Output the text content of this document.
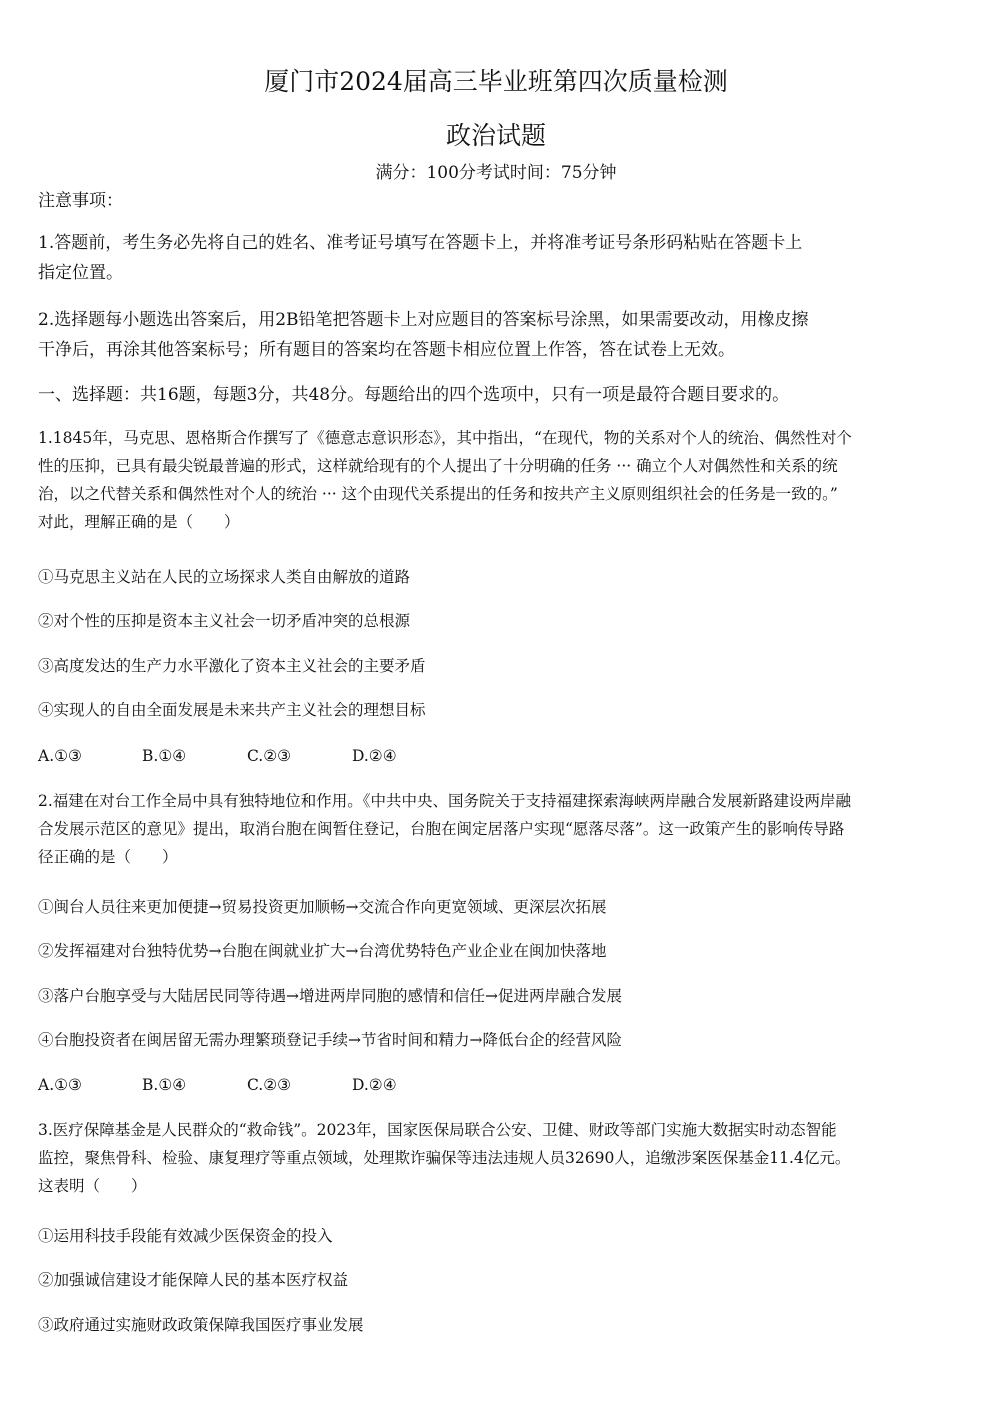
厦门市2024届高三毕业班第四次质量检测
政治试题
满分：100分考试时间：75分钟
注意事项：
1.答题前，考生务必先将自己的姓名、准考证号填写在答题卡上，并将准考证号条形码粘贴在答题卡上
指定位置。
2.选择题每小题选出答案后，用2B铅笔把答题卡上对应题目的答案标号涂黑，如果需要改动，用橡皮擦
干净后，再涂其他答案标号；所有题目的答案均在答题卡相应位置上作答，答在试卷上无效。
一、选择题：共16题，每题3分，共48分。每题给出的四个选项中，只有一项是最符合题目要求的。
1.1845年，马克思、恩格斯合作撰写了《德意志意识形态》，其中指出，“在现代，物的关系对个人的统治、偶然性对个
性的压抑，已具有最尖锐最普遍的形式，这样就给现有的个人提出了十分明确的任务 ··· 确立个人对偶然性和关系的统
治，以之代替关系和偶然性对个人的统治 ··· 这个由现代关系提出的任务和按共产主义原则组织社会的任务是一致的。”
对此，理解正确的是（　　）
①马克思主义站在人民的立场探求人类自由解放的道路
②对个性的压抑是资本主义社会一切矛盾冲突的总根源
③高度发达的生产力水平激化了资本主义社会的主要矛盾
④实现人的自由全面发展是未来共产主义社会的理想目标
A.①③	B.①④	C.②③	D.②④
2.福建在对台工作全局中具有独特地位和作用。《中共中央、国务院关于支持福建探索海峡两岸融合发展新路建设两岸融
合发展示范区的意见》提出，取消台胞在闽暂住登记，台胞在闽定居落户实现“愿落尽落”。这一政策产生的影响传导路
径正确的是（　　）
①闽台人员往来更加便捷→贸易投资更加顺畅→交流合作向更宽领域、更深层次拓展
②发挥福建对台独特优势→台胞在闽就业扩大→台湾优势特色产业企业在闽加快落地
③落户台胞享受与大陆居民同等待遇→增进两岸同胞的感情和信任→促进两岸融合发展
④台胞投资者在闽居留无需办理繁琐登记手续→节省时间和精力→降低台企的经营风险
A.①③	B.①④	C.②③	D.②④
3.医疗保障基金是人民群众的“救命钱”。2023年，国家医保局联合公安、卫健、财政等部门实施大数据实时动态智能
监控，聚焦骨科、检验、康复理疗等重点领域，处理欺诈骗保等违法违规人员32690人，追缴涉案医保基金11.4亿元。
这表明（　　）
①运用科技手段能有效减少医保资金的投入
②加强诚信建设才能保障人民的基本医疗权益
③政府通过实施财政政策保障我国医疗事业发展
